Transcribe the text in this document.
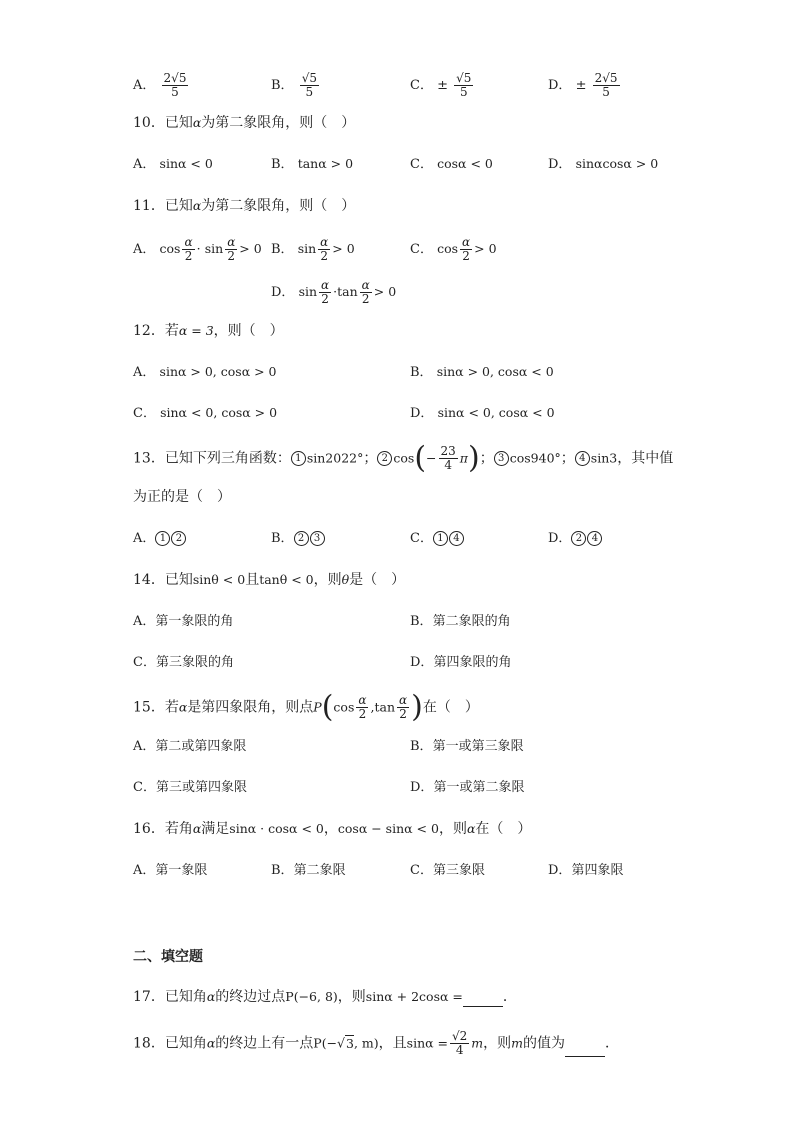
A． $\frac{2√5}{5}$	B． $\frac{√5}{5}$	C． ± $\frac{√5}{5}$	D． ± $\frac{2√5}{5}$
10．已知α为第二象限角，则（　）
A． sinα < 0	B． tanα > 0	C． cosα < 0	D． sinαcosα > 0
11．已知α为第二象限角，则（　）
A． $\cos \frac{\alpha}{2} \cdot \sin \frac{\alpha}{2} > 0$ B． $\sin \frac{\alpha}{2} > 0$	C． $\cos \frac{\alpha}{2} > 0$
D． $\sin \frac{\alpha}{2} \cdot\tan \frac{\alpha}{2} > 0$
12．若α = 3，则（　）
A． sinα > 0, cosα > 0	B． sinα > 0, cosα < 0
C． sinα < 0, cosα > 0	D． sinα < 0, cosα < 0
13．已知下列三角函数： 1 sin2022°； 2 $\cos(- \frac{23}{4} \pi)$； 3 cos940°； 4 sin3，其中值
为正的是（　）
A． 1 2	B． 2 3	C． 1 4	D． 2 4
14．已知sinθ < 0且tanθ < 0，则θ是（　）
A．第一象限的角	B．第二象限的角
C．第三象限的角	D．第四象限的角
15．若α是第四象限角，则点$P(\cos \frac{\alpha}{2} ,\tan \frac{\alpha}{2}$ )在（　）
A．第二或第四象限	B．第一或第三象限
C．第三或第四象限	D．第一或第二象限
16．若角α满足sinα · cosα < 0，cosα − sinα < 0，则α在（　）
A．第一象限	B．第二象限	C．第三象限	D．第四象限
二、填空题
17．已知角α的终边过点P(−6, 8)，则sinα + 2cosα =	．
18．已知角α的终边上有一点P(−√3, m)，且$\sin\alpha = \frac{√2}{4}$ m，则m的值为	．
